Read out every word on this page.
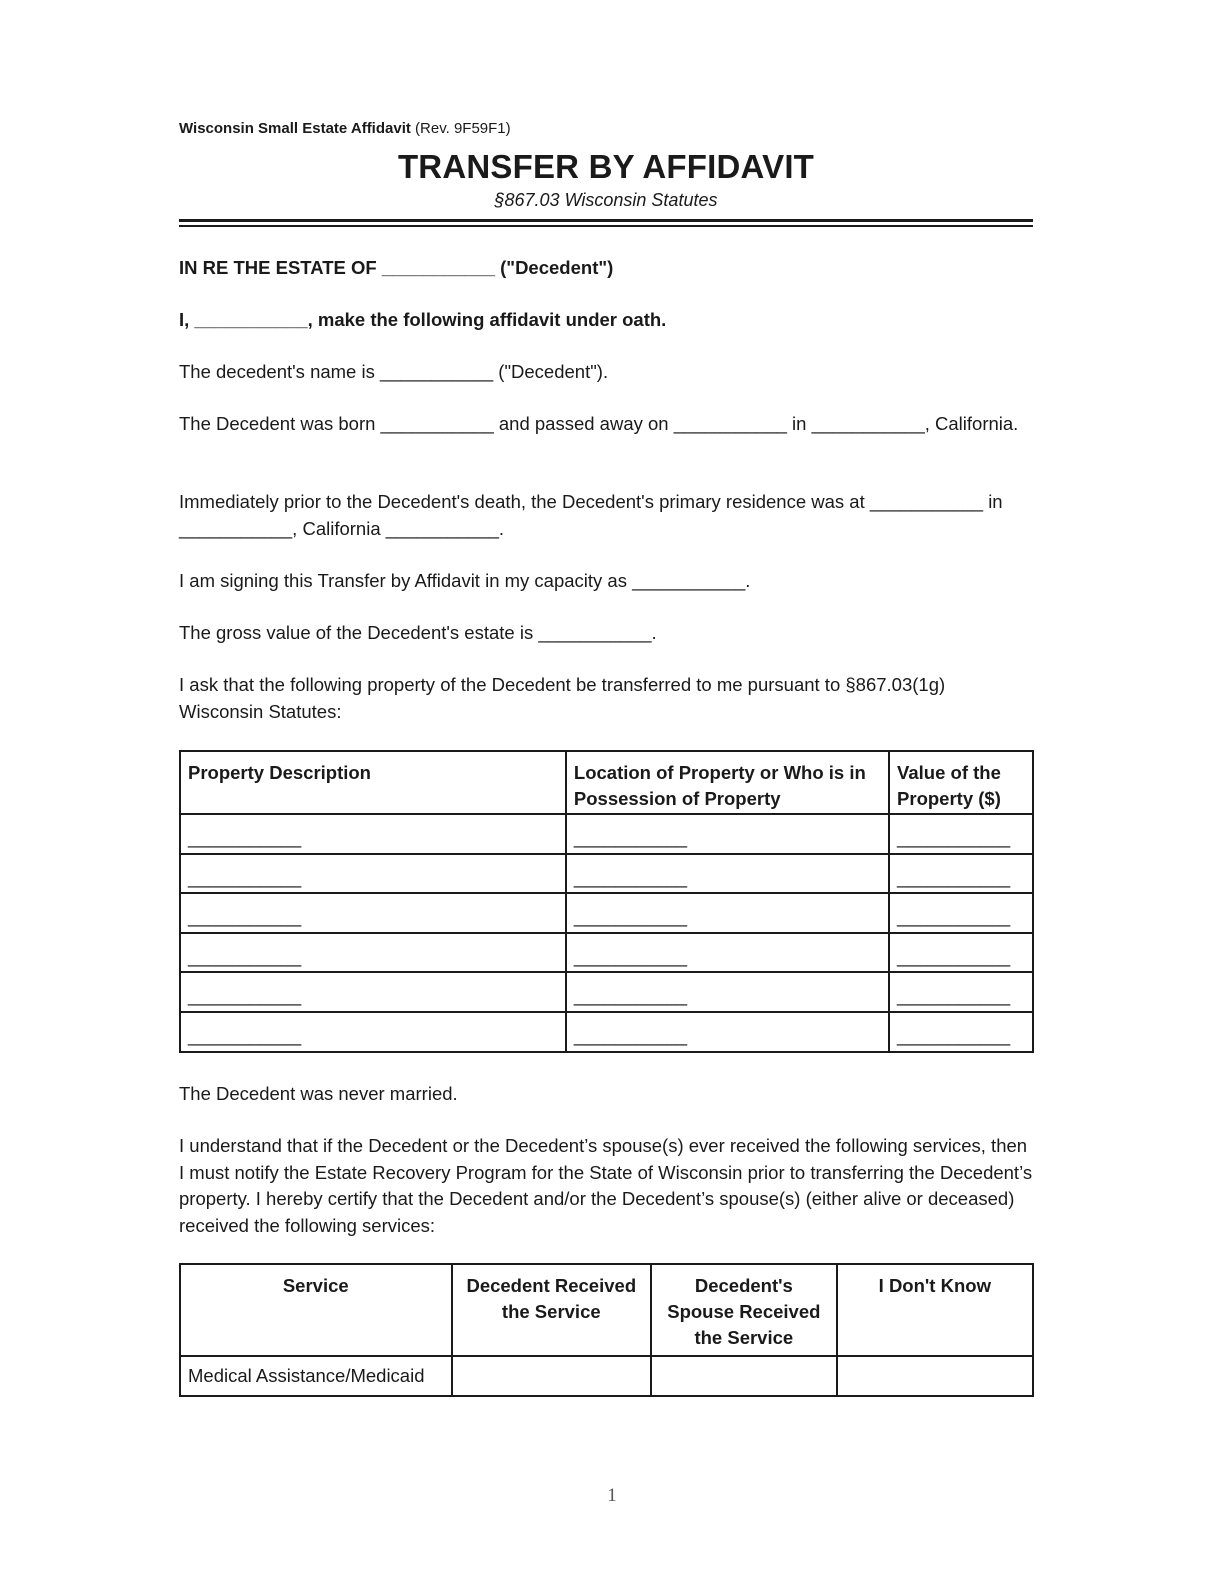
Wisconsin Small Estate Affidavit (Rev. 9F59F1)
TRANSFER BY AFFIDAVIT
§867.03 Wisconsin Statutes

IN RE THE ESTATE OF ___________ ("Decedent")

I, ___________, make the following affidavit under oath.

The decedent's name is ___________ ("Decedent").

The Decedent was born ___________ and passed away on ___________ in ___________, California.

Immediately prior to the Decedent's death, the Decedent's primary residence was at ___________ in ___________, California ___________.

I am signing this Transfer by Affidavit in my capacity as ___________.

The gross value of the Decedent's estate is ___________.

I ask that the following property of the Decedent be transferred to me pursuant to §867.03(1g) Wisconsin Statutes:

Property Description	Location of Property or Who is in Possession of Property	Value of the Property ($)
___________	___________	___________
___________	___________	___________
___________	___________	___________
___________	___________	___________
___________	___________	___________
___________	___________	___________

The Decedent was never married.

I understand that if the Decedent or the Decedent’s spouse(s) ever received the following services, then I must notify the Estate Recovery Program for the State of Wisconsin prior to transferring the Decedent’s property. I hereby certify that the Decedent and/or the Decedent’s spouse(s) (either alive or deceased) received the following services:

Service	Decedent Received the Service	Decedent's Spouse Received the Service	I Don't Know
Medical Assistance/Medicaid			
1
